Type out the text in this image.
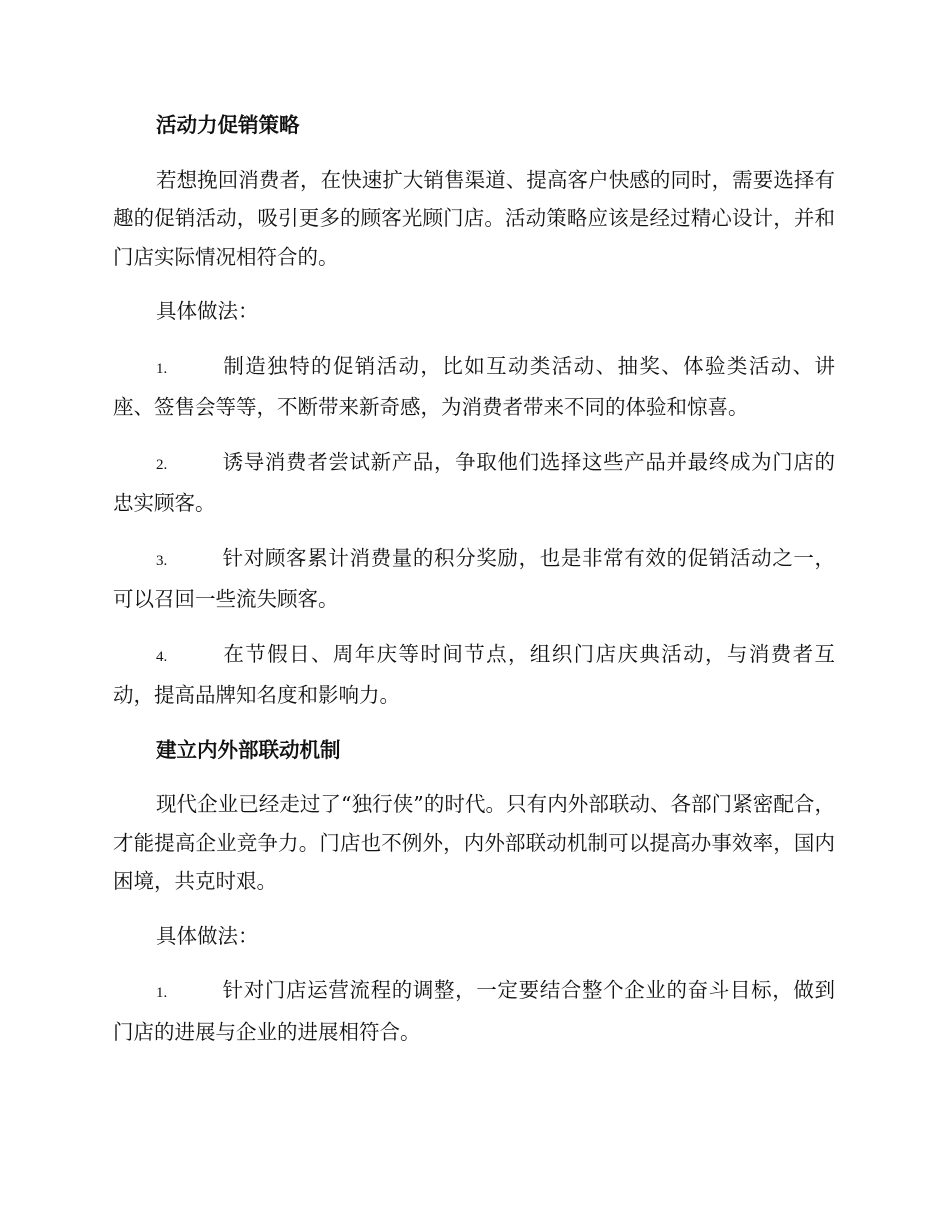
活动力促销策略
若想挽回消费者，在快速扩大销售渠道、提高客户快感的同时，需要选择有趣的促销活动，吸引更多的顾客光顾门店。活动策略应该是经过精心设计，并和门店实际情况相符合的。
具体做法：
1.	制造独特的促销活动，比如互动类活动、抽奖、体验类活动、讲座、签售会等等，不断带来新奇感，为消费者带来不同的体验和惊喜。
2.	诱导消费者尝试新产品，争取他们选择这些产品并最终成为门店的忠实顾客。
3.	针对顾客累计消费量的积分奖励，也是非常有效的促销活动之一，可以召回一些流失顾客。
4.	在节假日、周年庆等时间节点，组织门店庆典活动，与消费者互动，提高品牌知名度和影响力。
建立内外部联动机制
现代企业已经走过了“独行侠”的时代。只有内外部联动、各部门紧密配合，才能提高企业竞争力。门店也不例外，内外部联动机制可以提高办事效率，国内困境，共克时艰。
具体做法：
1.	针对门店运营流程的调整，一定要结合整个企业的奋斗目标，做到门店的进展与企业的进展相符合。
